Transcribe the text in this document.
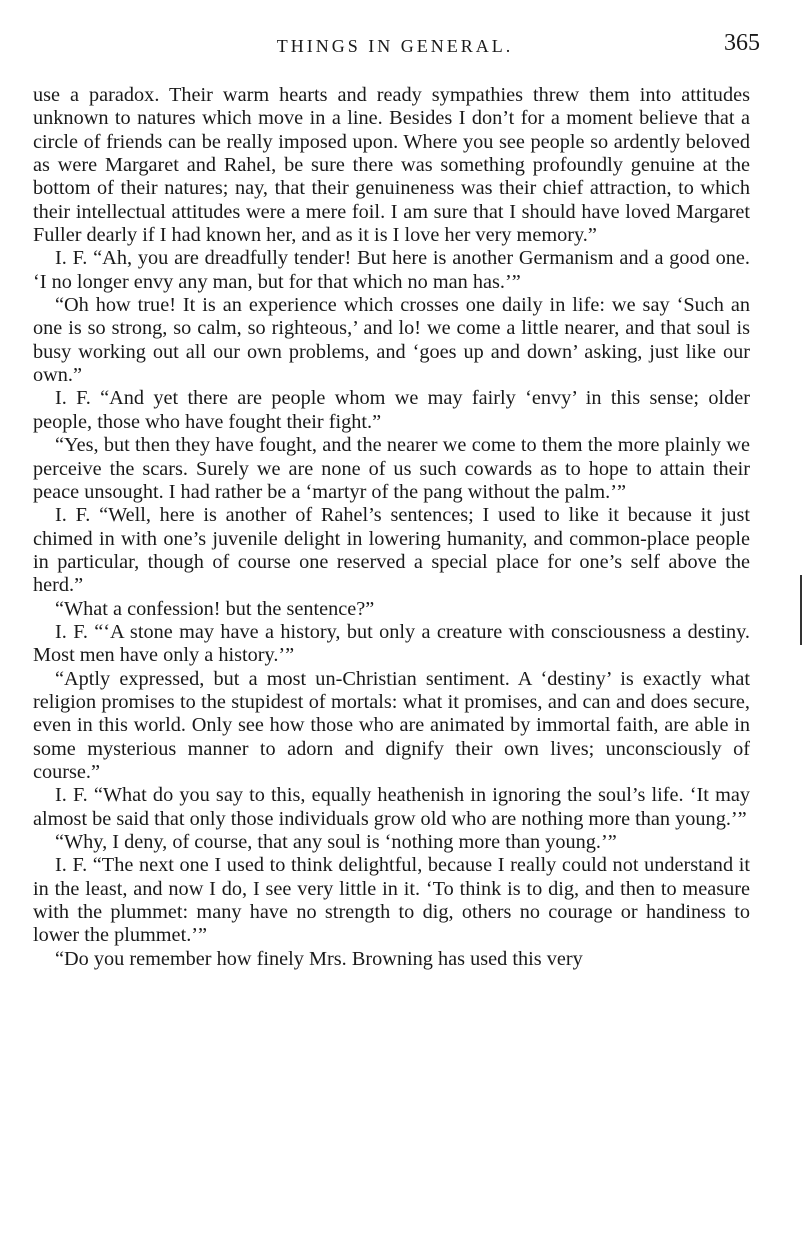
THINGS IN GENERAL.	365

use a paradox. Their warm hearts and ready sympathies threw them into attitudes unknown to natures which move in a line. Besides I don’t for a moment believe that a circle of friends can be really imposed upon. Where you see people so ardently beloved as were Margaret and Rahel, be sure there was something profoundly genuine at the bottom of their natures; nay, that their genuineness was their chief attraction, to which their intellectual attitudes were a mere foil. I am sure that I should have loved Margaret Fuller dearly if I had known her, and as it is I love her very memory.”

I. F. “Ah, you are dreadfully tender! But here is another Germanism and a good one. ‘I no longer envy any man, but for that which no man has.’”

“Oh how true! It is an experience which crosses one daily in life: we say ‘Such an one is so strong, so calm, so righteous,’ and lo! we come a little nearer, and that soul is busy working out all our own problems, and ‘goes up and down’ asking, just like our own.”

I. F. “And yet there are people whom we may fairly ‘envy’ in this sense; older people, those who have fought their fight.”

“Yes, but then they have fought, and the nearer we come to them the more plainly we perceive the scars. Surely we are none of us such cowards as to hope to attain their peace unsought. I had rather be a ‘martyr of the pang without the palm.’”

I. F. “Well, here is another of Rahel’s sentences; I used to like it because it just chimed in with one’s juvenile delight in lowering humanity, and common-place people in particular, though of course one reserved a special place for one’s self above the herd.”

“What a confession! but the sentence?”

I. F. “‘A stone may have a history, but only a creature with consciousness a destiny. Most men have only a history.’”

“Aptly expressed, but a most un-Christian sentiment. A ‘destiny’ is exactly what religion promises to the stupidest of mortals: what it promises, and can and does secure, even in this world. Only see how those who are animated by immortal faith, are able in some mysterious manner to adorn and dignify their own lives; unconsciously of course.”

I. F. “What do you say to this, equally heathenish in ignoring the soul’s life. ‘It may almost be said that only those individuals grow old who are nothing more than young.’”

“Why, I deny, of course, that any soul is ‘nothing more than young.’”

I. F. “The next one I used to think delightful, because I really could not understand it in the least, and now I do, I see very little in it. ‘To think is to dig, and then to measure with the plummet: many have no strength to dig, others no courage or handiness to lower the plummet.’”

“Do you remember how finely Mrs. Browning has used this very
